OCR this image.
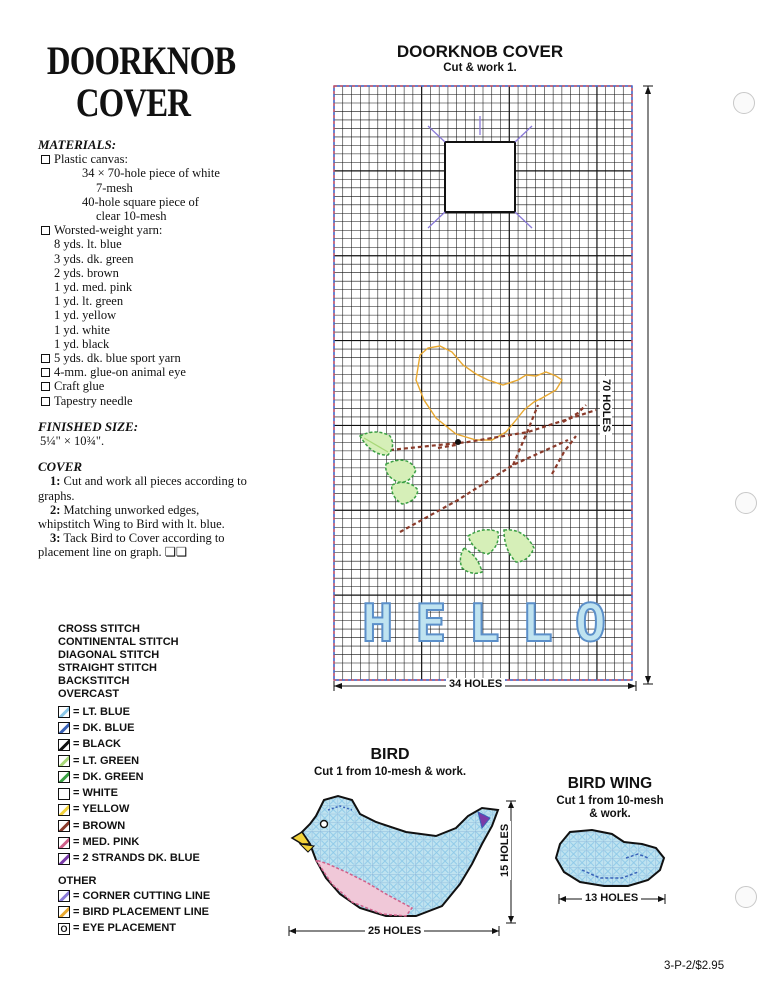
DOORKNOB
COVER

MATERIALS:

Plastic canvas:
34 × 70-hole piece of white
7-mesh
40-hole square piece of
clear 10-mesh
Worsted-weight yarn:
8 yds. lt. blue
3 yds. dk. green
2 yds. brown
1 yd. med. pink
1 yd. lt. green
1 yd. yellow
1 yd. white
1 yd. black
5 yds. dk. blue sport yarn
4-mm. glue-on animal eye
Craft glue
Tapestry needle

FINISHED SIZE:

5¼" × 10¾".

COVER

1: Cut and work all pieces according to graphs.

2: Matching unworked edges, whipstitch Wing to Bird with lt. blue.

3: Tack Bird to Cover according to placement line on graph. ❏❏

CROSS STITCH
CONTINENTAL STITCH
DIAGONAL STITCH
STRAIGHT STITCH
BACKSTITCH
OVERCAST
= LT. BLUE
= DK. BLUE
= BLACK
= LT. GREEN
= DK. GREEN
= WHITE
= YELLOW
= BROWN
= MED. PINK
= 2 STRANDS DK. BLUE
OTHER
= CORNER CUTTING LINE
= BIRD PLACEMENT LINE
O = EYE PLACEMENT
DOORKNOB COVER
Cut & work 1.
BIRD
Cut 1 from 10-mesh & work.
BIRD WING
Cut 1 from 10-mesh
& work.
H E L L O
34 HOLES
70 HOLES
25 HOLES
15 HOLES
13 HOLES
3-P-2/$2.95
